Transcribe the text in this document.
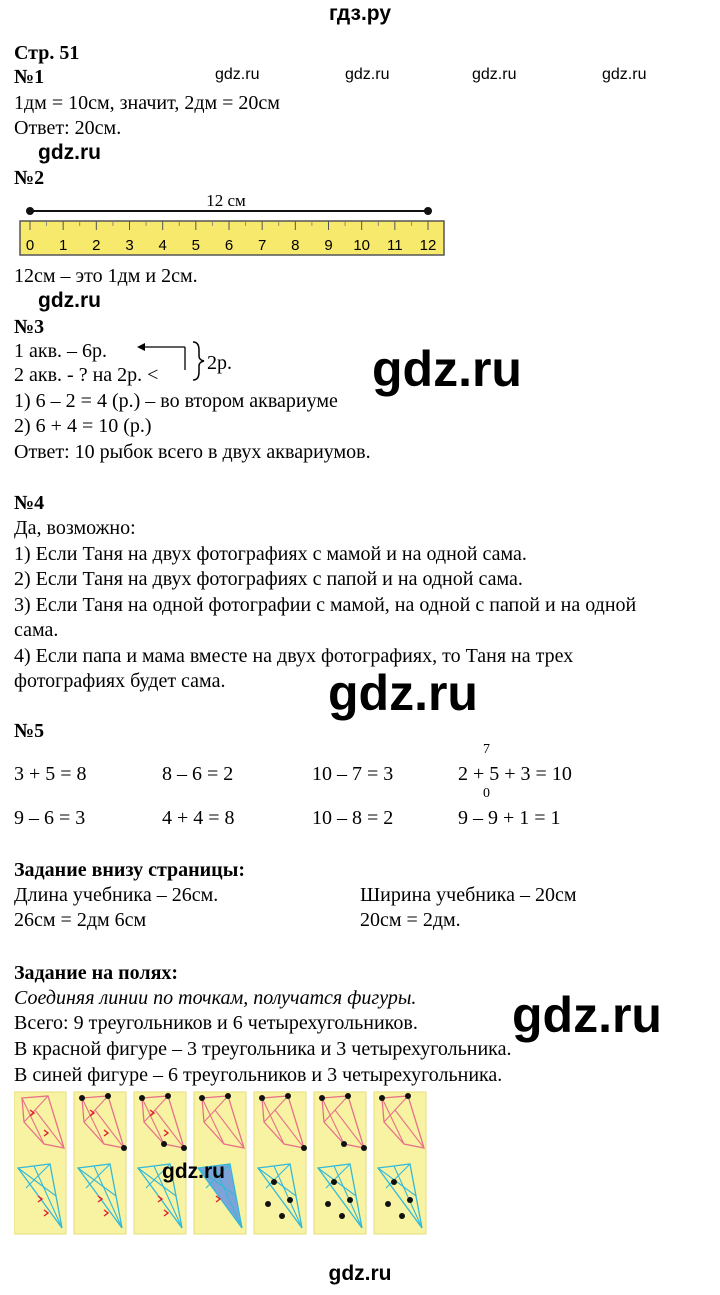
гдз.ру
Стр. 51
№1	gdz.ru	gdz.ru	gdz.ru	gdz.ru
1дм = 10см, значит, 2дм = 20см
Ответ: 20см.
gdz.ru
№2
12 см
0 1 2 3 4 5 6 7 8 9 10 11 12
12см – это 1дм и 2см.
gdz.ru
№3
1 акв. – 6р.
2 акв. - ? на 2р. <
2р.	gdz.ru
1) 6 – 2 = 4 (р.) – во втором аквариуме
2) 6 + 4 = 10 (р.)
Ответ: 10 рыбок всего в двух аквариумов.
№4
Да, возможно:
1) Если Таня на двух фотографиях с мамой и на одной сама.
2) Если Таня на двух фотографиях с папой и на одной сама.
3) Если Таня на одной фотографии с мамой, на одной с папой и на одной
сама.
4) Если папа и мама вместе на двух фотографиях, то Таня на трех
фотографиях будет сама. gdz.ru
№5
7
3 + 5 = 8	8 – 6 = 2	10 – 7 = 3	2 + 5 + 3 = 10
0
9 – 6 = 3	4 + 4 = 8	10 – 8 = 2	9 – 9 + 1 = 1
Задание внизу страницы:
Длина учебника – 26см.	Ширина учебника – 20см
26см = 2дм 6см	20см = 2дм.
Задание на полях:
Соединяя линии по точкам, получатся фигуры. gdz.ru
Всего: 9 треугольников и 6 четырехугольников.
В красной фигуре – 3 треугольника и 3 четырехугольника.
В синей фигуре – 6 треугольников и 3 четырехугольника.
gdz.ru
gdz.ru
